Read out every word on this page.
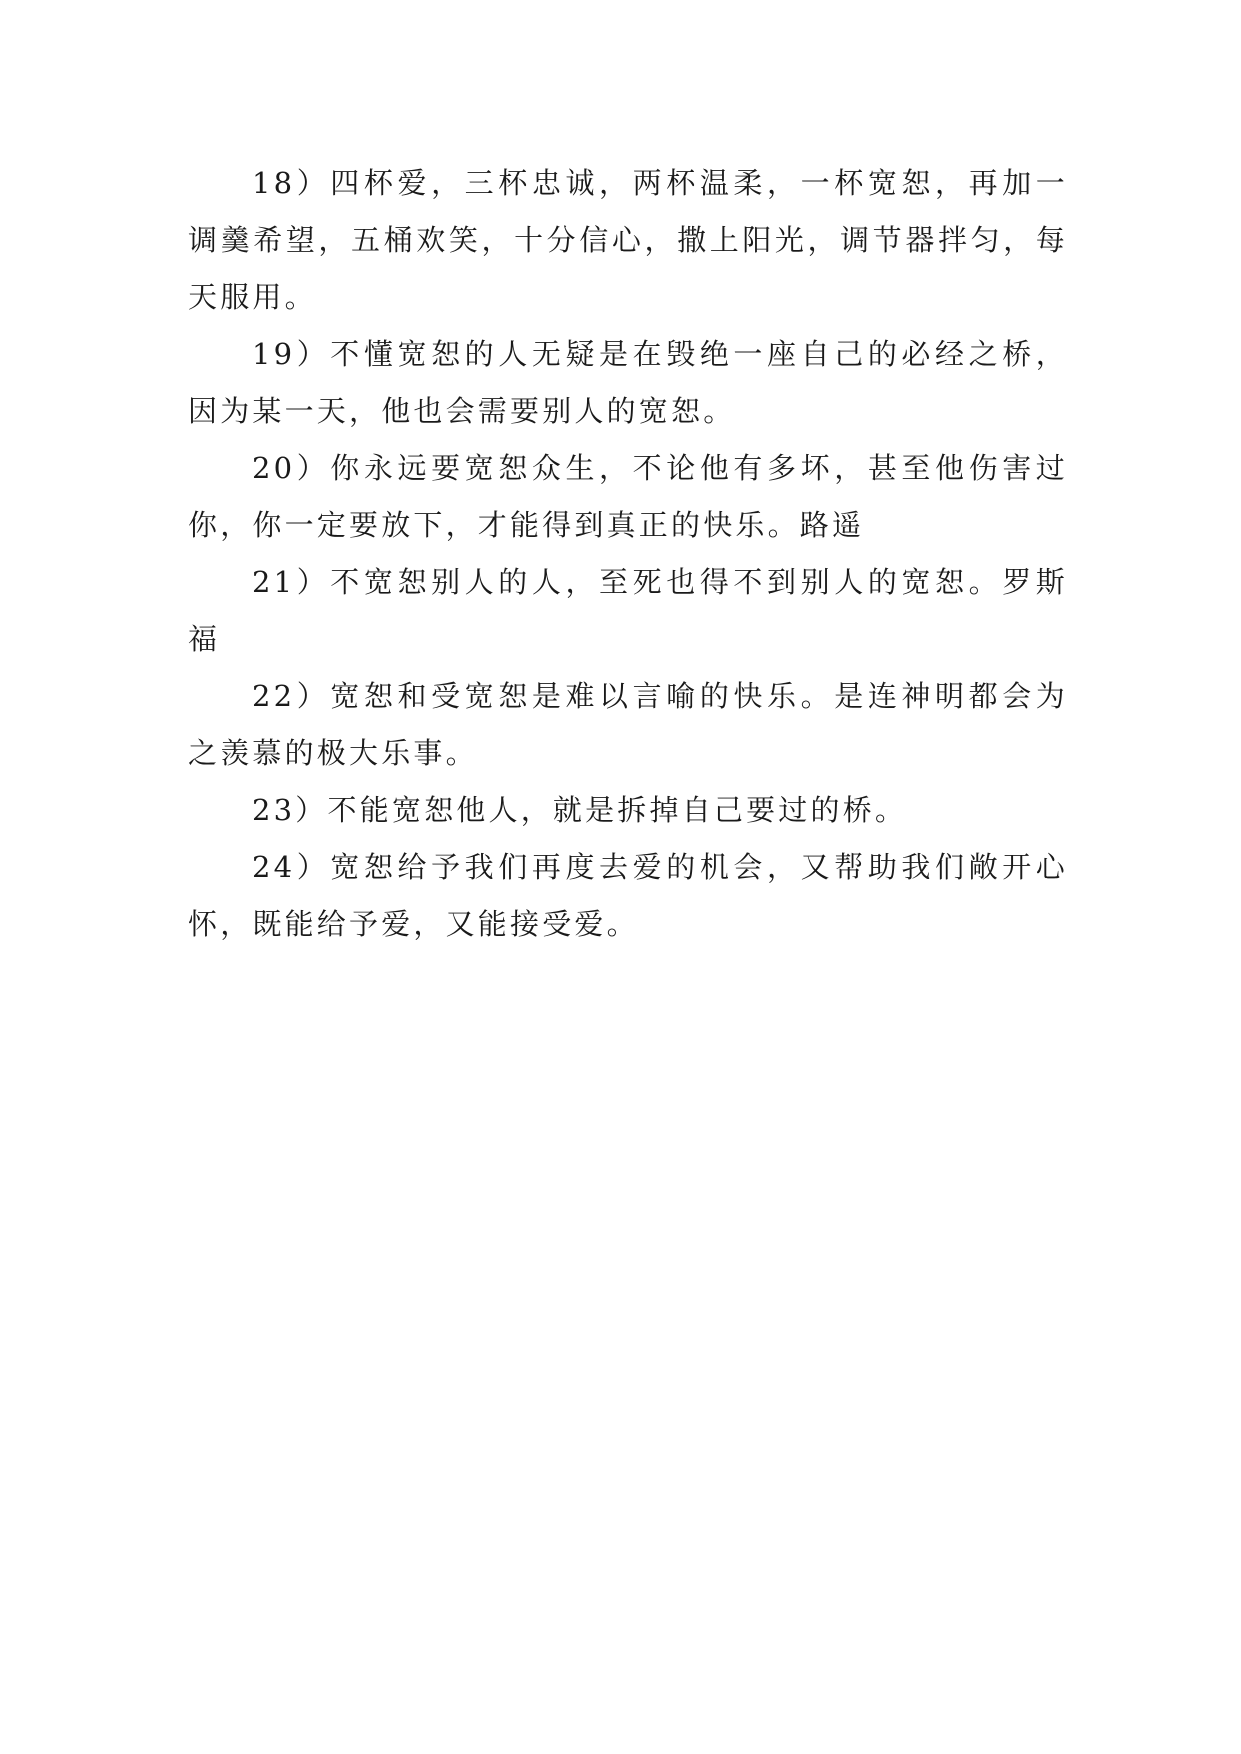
18）四杯爱，三杯忠诚，两杯温柔，一杯宽恕，再加一调羹希望，五桶欢笑，十分信心，撒上阳光，调节器拌匀，每天服用。

19）不懂宽恕的人无疑是在毁绝一座自己的必经之桥，因为某一天，他也会需要别人的宽恕。

20）你永远要宽恕众生，不论他有多坏，甚至他伤害过你，你一定要放下，才能得到真正的快乐。路遥

21）不宽恕别人的人，至死也得不到别人的宽恕。罗斯福

22）宽恕和受宽恕是难以言喻的快乐。是连神明都会为之羡慕的极大乐事。

23）不能宽恕他人，就是拆掉自己要过的桥。

24）宽恕给予我们再度去爱的机会，又帮助我们敞开心怀，既能给予爱，又能接受爱。
